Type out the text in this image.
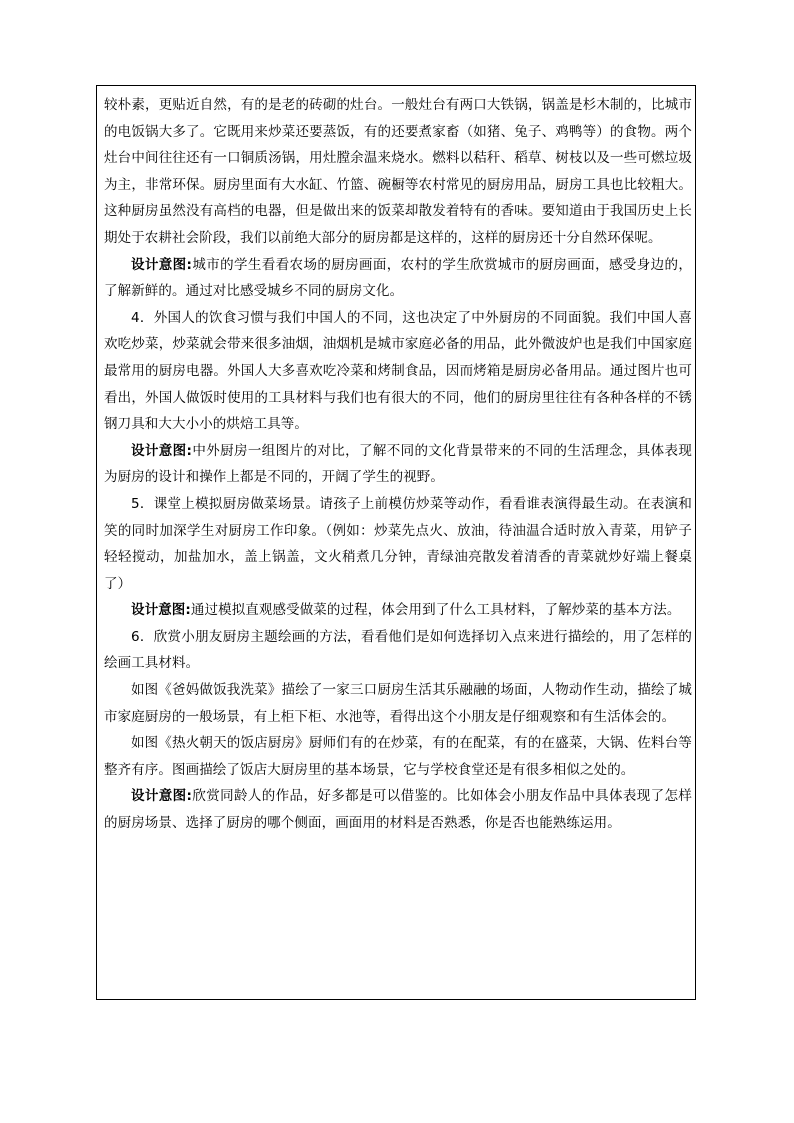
较朴素，更贴近自然，有的是老的砖砌的灶台。一般灶台有两口大铁锅，锅盖是杉木制的，比城市的电饭锅大多了。它既用来炒菜还要蒸饭，有的还要煮家畜（如猪、兔子、鸡鸭等）的食物。两个灶台中间往往还有一口铜质汤锅，用灶膛余温来烧水。燃料以秸秆、稻草、树枝以及一些可燃垃圾为主，非常环保。厨房里面有大水缸、竹篮、碗橱等农村常见的厨房用品，厨房工具也比较粗大。这种厨房虽然没有高档的电器，但是做出来的饭菜却散发着特有的香味。要知道由于我国历史上长期处于农耕社会阶段，我们以前绝大部分的厨房都是这样的，这样的厨房还十分自然环保呢。

设计意图:城市的学生看看农场的厨房画面，农村的学生欣赏城市的厨房画面，感受身边的，了解新鲜的。通过对比感受城乡不同的厨房文化。

4．外国人的饮食习惯与我们中国人的不同，这也决定了中外厨房的不同面貌。我们中国人喜欢吃炒菜，炒菜就会带来很多油烟，油烟机是城市家庭必备的用品，此外微波炉也是我们中国家庭最常用的厨房电器。外国人大多喜欢吃冷菜和烤制食品，因而烤箱是厨房必备用品。通过图片也可看出，外国人做饭时使用的工具材料与我们也有很大的不同，他们的厨房里往往有各种各样的不锈钢刀具和大大小小的烘焙工具等。

设计意图:中外厨房一组图片的对比，了解不同的文化背景带来的不同的生活理念，具体表现为厨房的设计和操作上都是不同的，开阔了学生的视野。

5．课堂上模拟厨房做菜场景。请孩子上前模仿炒菜等动作，看看谁表演得最生动。在表演和笑的同时加深学生对厨房工作印象。（例如：炒菜先点火、放油，待油温合适时放入青菜，用铲子轻轻搅动，加盐加水，盖上锅盖，文火稍煮几分钟，青绿油亮散发着清香的青菜就炒好端上餐桌了）

设计意图:通过模拟直观感受做菜的过程，体会用到了什么工具材料，了解炒菜的基本方法。

6．欣赏小朋友厨房主题绘画的方法，看看他们是如何选择切入点来进行描绘的，用了怎样的绘画工具材料。

如图《爸妈做饭我洗菜》描绘了一家三口厨房生活其乐融融的场面，人物动作生动，描绘了城市家庭厨房的一般场景，有上柜下柜、水池等，看得出这个小朋友是仔细观察和有生活体会的。

如图《热火朝天的饭店厨房》厨师们有的在炒菜，有的在配菜，有的在盛菜，大锅、佐料台等整齐有序。图画描绘了饭店大厨房里的基本场景，它与学校食堂还是有很多相似之处的。

设计意图:欣赏同龄人的作品，好多都是可以借鉴的。比如体会小朋友作品中具体表现了怎样的厨房场景、选择了厨房的哪个侧面，画面用的材料是否熟悉，你是否也能熟练运用。
